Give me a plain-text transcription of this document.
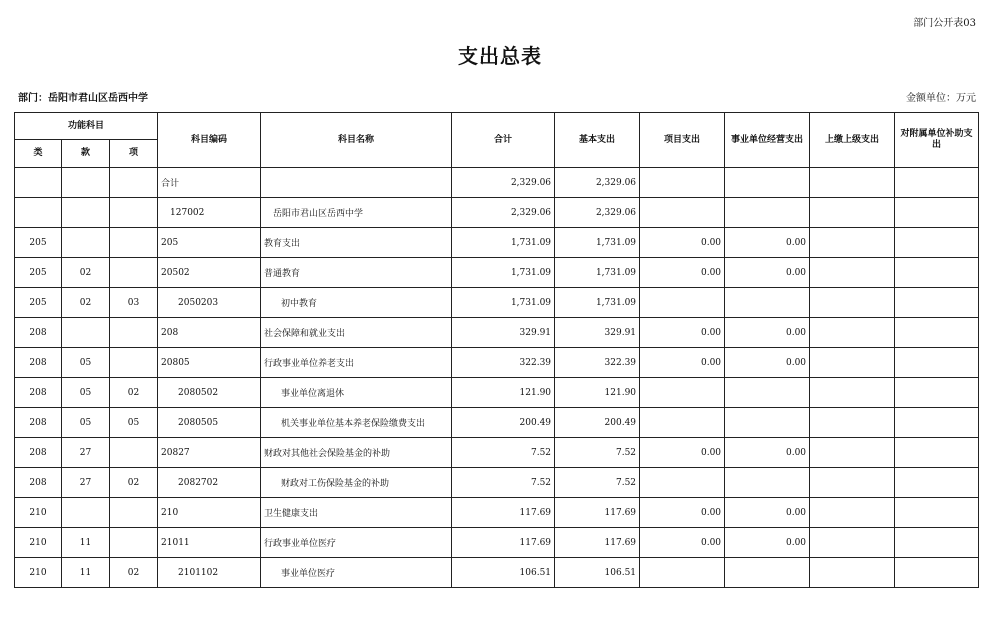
部门公开表03
支出总表
部门：岳阳市君山区岳西中学	金额单位：万元
功能科目			科目编码	科目名称	合计	基本支出	项目支出	事业单位经营支出	上缴上级支出	对附属单位补助支出
类	款	项								
			合计		2,329.06	2,329.06				
			127002	岳阳市君山区岳西中学	2,329.06	2,329.06				
205			205	教育支出	1,731.09	1,731.09	0.00	0.00		
205	02		20502	普通教育	1,731.09	1,731.09	0.00	0.00		
205	02	03	2050203	初中教育	1,731.09	1,731.09				
208			208	社会保障和就业支出	329.91	329.91	0.00	0.00		
208	05		20805	行政事业单位养老支出	322.39	322.39	0.00	0.00		
208	05	02	2080502	事业单位离退休	121.90	121.90				
208	05	05	2080505	机关事业单位基本养老保险缴费支出	200.49	200.49				
208	27		20827	财政对其他社会保险基金的补助	7.52	7.52	0.00	0.00		
208	27	02	2082702	财政对工伤保险基金的补助	7.52	7.52				
210			210	卫生健康支出	117.69	117.69	0.00	0.00		
210	11		21011	行政事业单位医疗	117.69	117.69	0.00	0.00		
210	11	02	2101102	事业单位医疗	106.51	106.51				
